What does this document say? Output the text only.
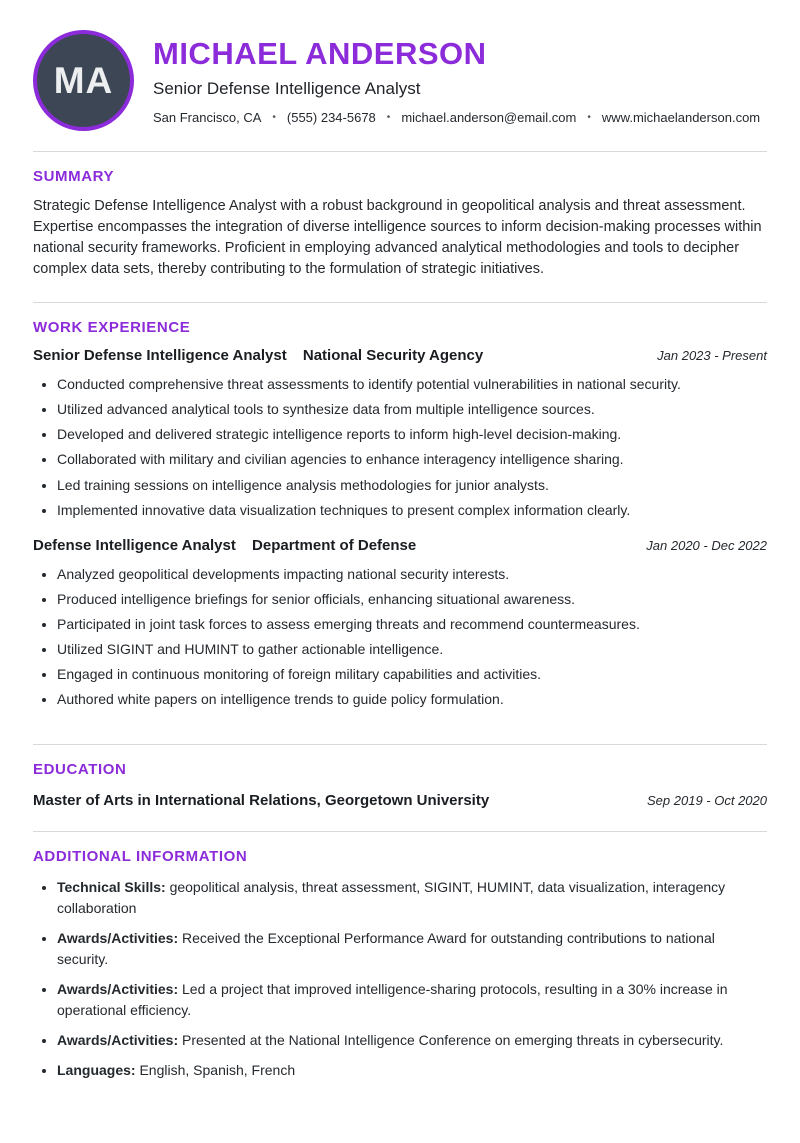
MA
MICHAEL ANDERSON
Senior Defense Intelligence Analyst
San Francisco, CA • (555) 234-5678 • michael.anderson@email.com • www.michaelanderson.com
SUMMARY

Strategic Defense Intelligence Analyst with a robust background in geopolitical analysis and threat assessment. Expertise encompasses the integration of diverse intelligence sources to inform decision-making processes within national security frameworks. Proficient in employing advanced analytical methodologies and tools to decipher complex data sets, thereby contributing to the formulation of strategic initiatives.

WORK EXPERIENCE
Senior Defense Intelligence Analyst National Security Agency	Jan 2023 - Present
• Conducted comprehensive threat assessments to identify potential vulnerabilities in national security.
• Utilized advanced analytical tools to synthesize data from multiple intelligence sources.
• Developed and delivered strategic intelligence reports to inform high-level decision-making.
• Collaborated with military and civilian agencies to enhance interagency intelligence sharing.
• Led training sessions on intelligence analysis methodologies for junior analysts.
• Implemented innovative data visualization techniques to present complex information clearly.
Defense Intelligence Analyst Department of Defense	Jan 2020 - Dec 2022
• Analyzed geopolitical developments impacting national security interests.
• Produced intelligence briefings for senior officials, enhancing situational awareness.
• Participated in joint task forces to assess emerging threats and recommend countermeasures.
• Utilized SIGINT and HUMINT to gather actionable intelligence.
• Engaged in continuous monitoring of foreign military capabilities and activities.
• Authored white papers on intelligence trends to guide policy formulation.
EDUCATION
Master of Arts in International Relations, Georgetown University	Sep 2019 - Oct 2020
ADDITIONAL INFORMATION
• Technical Skills: geopolitical analysis, threat assessment, SIGINT, HUMINT, data visualization, interagency collaboration
• Awards/Activities: Received the Exceptional Performance Award for outstanding contributions to national security.
• Awards/Activities: Led a project that improved intelligence-sharing protocols, resulting in a 30% increase in operational efficiency.
• Awards/Activities: Presented at the National Intelligence Conference on emerging threats in cybersecurity.
• Languages: English, Spanish, French
